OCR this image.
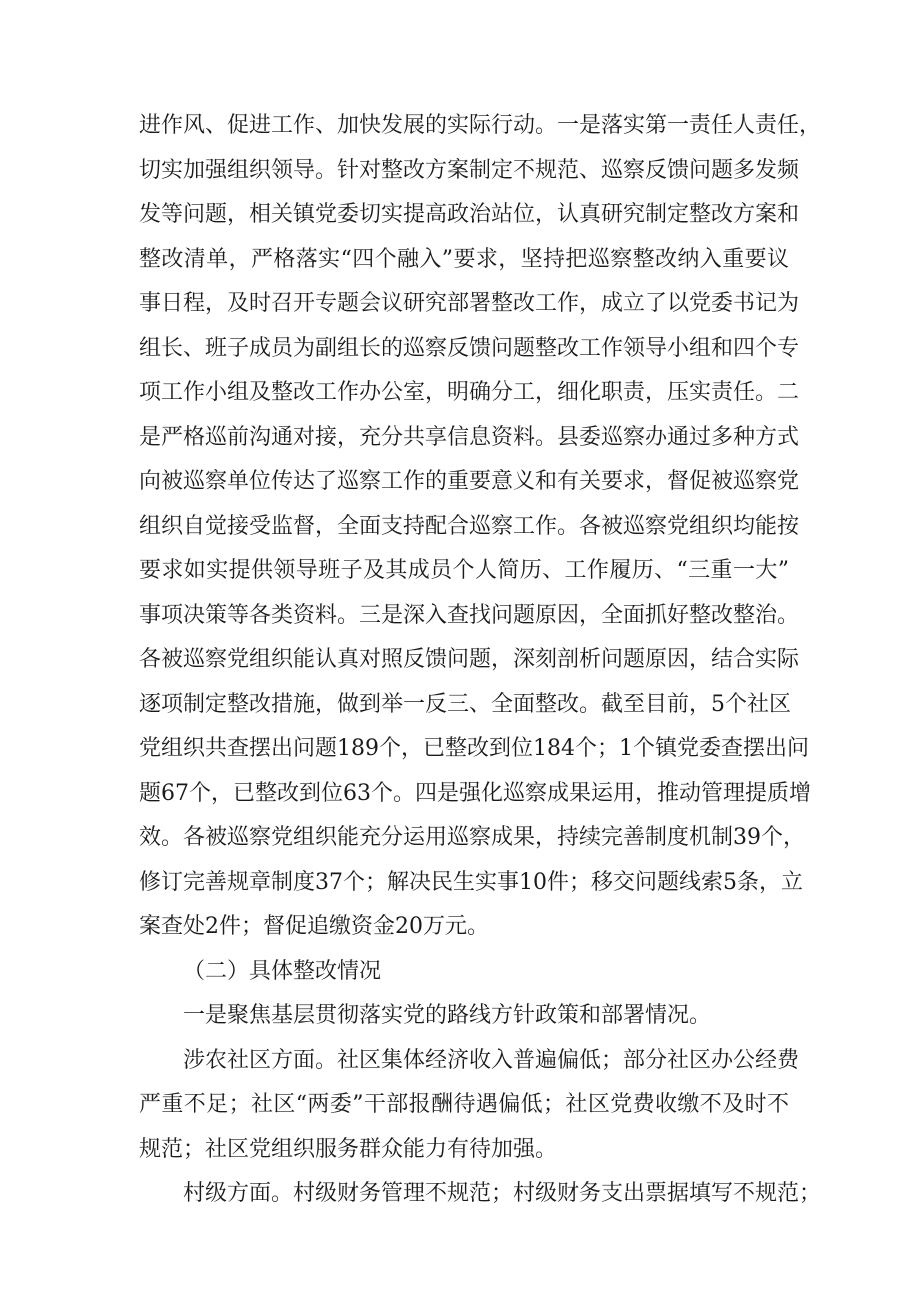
进作风、促进工作、加快发展的实际行动。一是落实第一责任人责任，
切实加强组织领导。针对整改方案制定不规范、巡察反馈问题多发频
发等问题，相关镇党委切实提高政治站位，认真研究制定整改方案和
整改清单，严格落实“四个融入”要求，坚持把巡察整改纳入重要议
事日程，及时召开专题会议研究部署整改工作，成立了以党委书记为
组长、班子成员为副组长的巡察反馈问题整改工作领导小组和四个专
项工作小组及整改工作办公室，明确分工，细化职责，压实责任。二
是严格巡前沟通对接，充分共享信息资料。县委巡察办通过多种方式
向被巡察单位传达了巡察工作的重要意义和有关要求，督促被巡察党
组织自觉接受监督，全面支持配合巡察工作。各被巡察党组织均能按
要求如实提供领导班子及其成员个人简历、工作履历、“三重一大”
事项决策等各类资料。三是深入查找问题原因，全面抓好整改整治。
各被巡察党组织能认真对照反馈问题，深刻剖析问题原因，结合实际
逐项制定整改措施，做到举一反三、全面整改。截至目前，5个社区
党组织共查摆出问题189个，已整改到位184个；1个镇党委查摆出问
题67个，已整改到位63个。四是强化巡察成果运用，推动管理提质增
效。各被巡察党组织能充分运用巡察成果，持续完善制度机制39个，
修订完善规章制度37个；解决民生实事10件；移交问题线索5条，立
案查处2件；督促追缴资金20万元。
（二）具体整改情况
一是聚焦基层贯彻落实党的路线方针政策和部署情况。
涉农社区方面。社区集体经济收入普遍偏低；部分社区办公经费
严重不足；社区“两委”干部报酬待遇偏低；社区党费收缴不及时不
规范；社区党组织服务群众能力有待加强。
村级方面。村级财务管理不规范；村级财务支出票据填写不规范；
